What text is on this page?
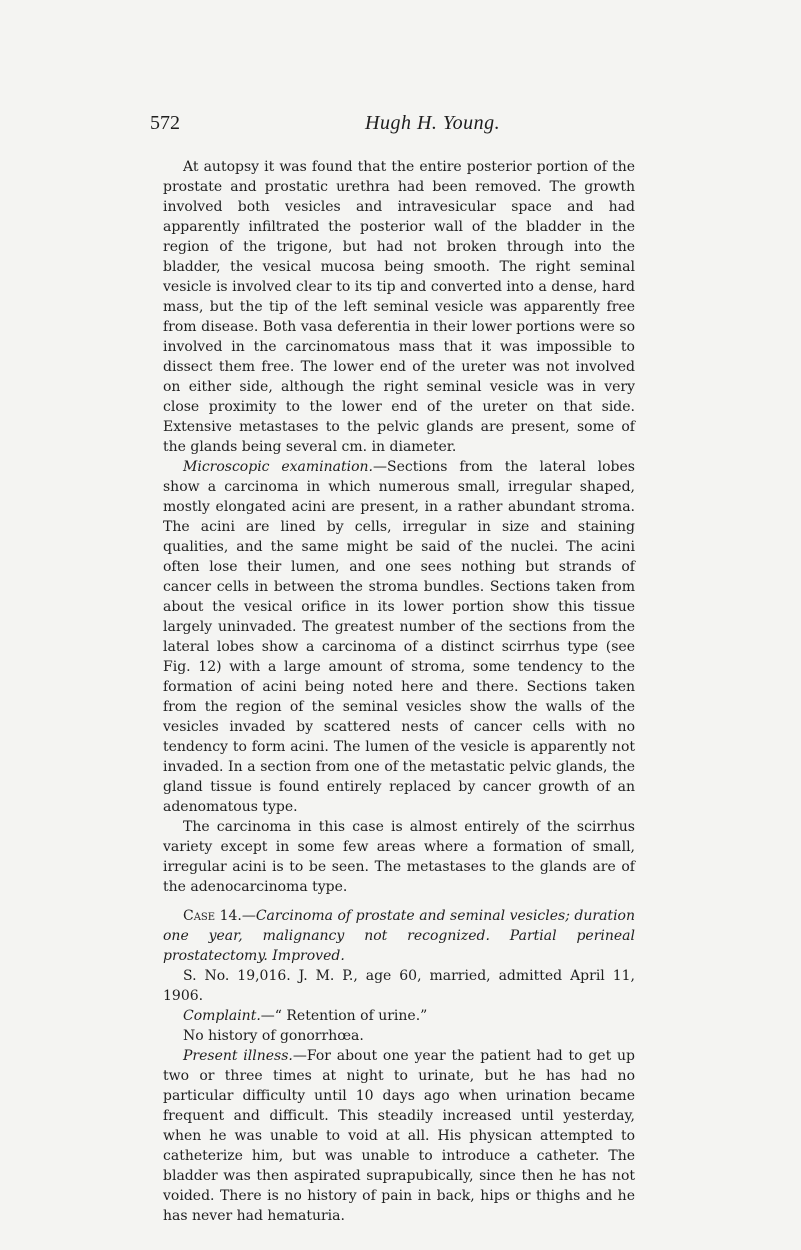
572	Hugh H. Young.

At autopsy it was found that the entire posterior portion of the prostate and prostatic urethra had been removed. The growth involved both vesicles and intravesicular space and had apparently infiltrated the posterior wall of the bladder in the region of the trigone, but had not broken through into the bladder, the vesical mucosa being smooth. The right seminal vesicle is involved clear to its tip and converted into a dense, hard mass, but the tip of the left seminal vesicle was apparently free from disease. Both vasa deferentia in their lower portions were so involved in the carcinomatous mass that it was impossible to dissect them free. The lower end of the ureter was not involved on either side, although the right seminal vesicle was in very close proximity to the lower end of the ureter on that side. Extensive metastases to the pelvic glands are present, some of the glands being several cm. in diameter.

Microscopic examination.—Sections from the lateral lobes show a carcinoma in which numerous small, irregular shaped, mostly elongated acini are present, in a rather abundant stroma. The acini are lined by cells, irregular in size and staining qualities, and the same might be said of the nuclei. The acini often lose their lumen, and one sees nothing but strands of cancer cells in between the stroma bundles. Sections taken from about the vesical orifice in its lower portion show this tissue largely uninvaded. The greatest number of the sections from the lateral lobes show a carcinoma of a distinct scirrhus type (see Fig. 12) with a large amount of stroma, some tendency to the formation of acini being noted here and there. Sections taken from the region of the seminal vesicles show the walls of the vesicles invaded by scattered nests of cancer cells with no tendency to form acini. The lumen of the vesicle is apparently not invaded. In a section from one of the metastatic pelvic glands, the gland tissue is found entirely replaced by cancer growth of an adenomatous type.

The carcinoma in this case is almost entirely of the scirrhus variety except in some few areas where a formation of small, irregular acini is to be seen. The metastases to the glands are of the adenocarcinoma type.

Case 14.—Carcinoma of prostate and seminal vesicles; duration one year, malignancy not recognized. Partial perineal prostatectomy. Improved.

S. No. 19,016. J. M. P., age 60, married, admitted April 11, 1906.

Complaint.—“ Retention of urine.”

No history of gonorrhœa.

Present illness.—For about one year the patient had to get up two or three times at night to urinate, but he has had no particular difficulty until 10 days ago when urination became frequent and difficult. This steadily increased until yesterday, when he was unable to void at all. His physican attempted to catheterize him, but was unable to introduce a catheter. The bladder was then aspirated suprapubically, since then he has not voided. There is no history of pain in back, hips or thighs and he has never had hematuria.
